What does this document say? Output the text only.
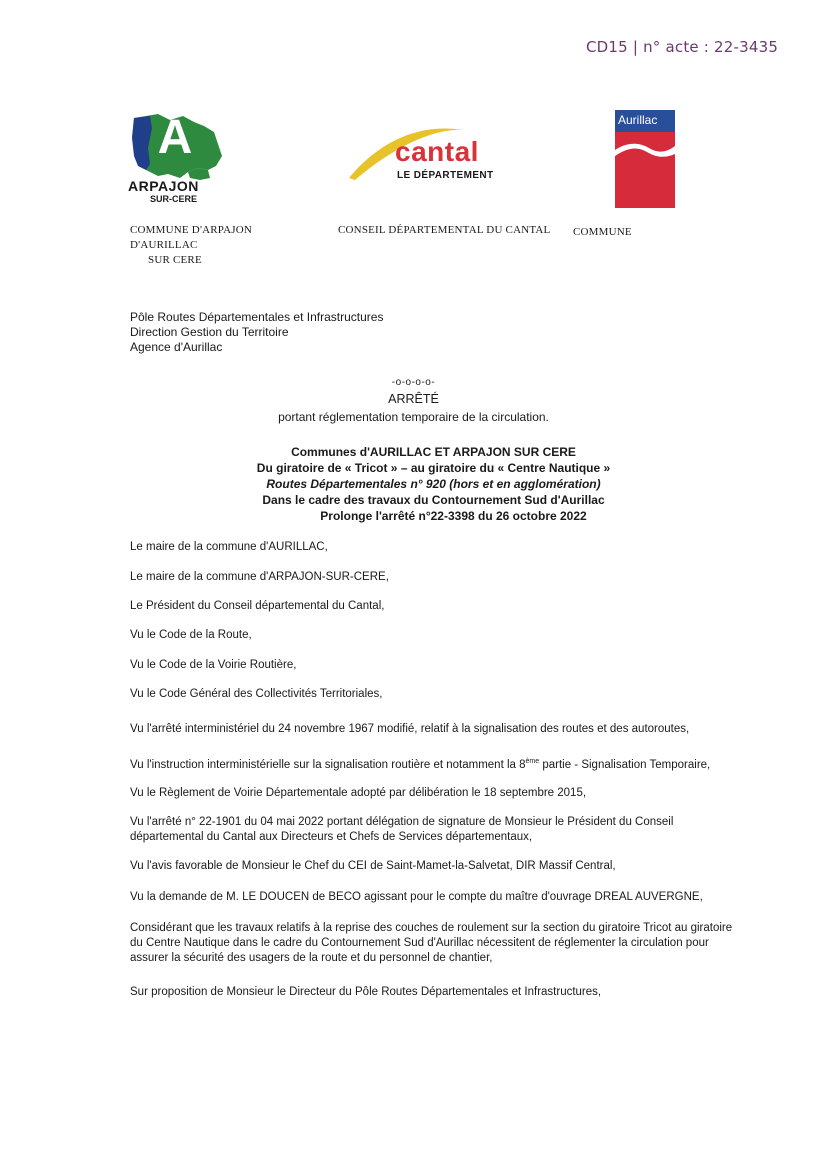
CD15 | n° acte : 22-3435
A
ARPAJON
SUR-CERE
cantal
LE DÉPARTEMENT
Aurillac
COMMUNE D'ARPAJON
D'AURILLAC
SUR CERE
CONSEIL DÉPARTEMENTAL DU CANTAL COMMUNE
Pôle Routes Départementales et Infrastructures
Direction Gestion du Territoire
Agence d'Aurillac
-o-o-o-o-
ARRÊTÉ
portant réglementation temporaire de la circulation.
Communes d'AURILLAC ET ARPAJON SUR CERE
Du giratoire de « Tricot » – au giratoire du « Centre Nautique »
Routes Départementales n° 920 (hors et en agglomération)
Dans le cadre des travaux du Contournement Sud d'Aurillac
Prolonge l'arrêté n°22-3398 du 26 octobre 2022
Le maire de la commune d'AURILLAC,
Le maire de la commune d'ARPAJON-SUR-CERE,
Le Président du Conseil départemental du Cantal,
Vu le Code de la Route,
Vu le Code de la Voirie Routière,
Vu le Code Général des Collectivités Territoriales,
Vu l'arrêté interministériel du 24 novembre 1967 modifié, relatif à la signalisation des routes et des autoroutes,
Vu l'instruction interministérielle sur la signalisation routière et notamment la 8ème partie - Signalisation Temporaire,
Vu le Règlement de Voirie Départementale adopté par délibération le 18 septembre 2015,
Vu l'arrêté n° 22-1901 du 04 mai 2022 portant délégation de signature de Monsieur le Président du Conseil
départemental du Cantal aux Directeurs et Chefs de Services départementaux,
Vu l'avis favorable de Monsieur le Chef du CEI de Saint-Mamet-la-Salvetat, DIR Massif Central,
Vu la demande de M. LE DOUCEN de BECO agissant pour le compte du maître d'ouvrage DREAL AUVERGNE,
Considérant que les travaux relatifs à la reprise des couches de roulement sur la section du giratoire Tricot au giratoire
du Centre Nautique dans le cadre du Contournement Sud d'Aurillac nécessitent de réglementer la circulation pour
assurer la sécurité des usagers de la route et du personnel de chantier,
Sur proposition de Monsieur le Directeur du Pôle Routes Départementales et Infrastructures,
